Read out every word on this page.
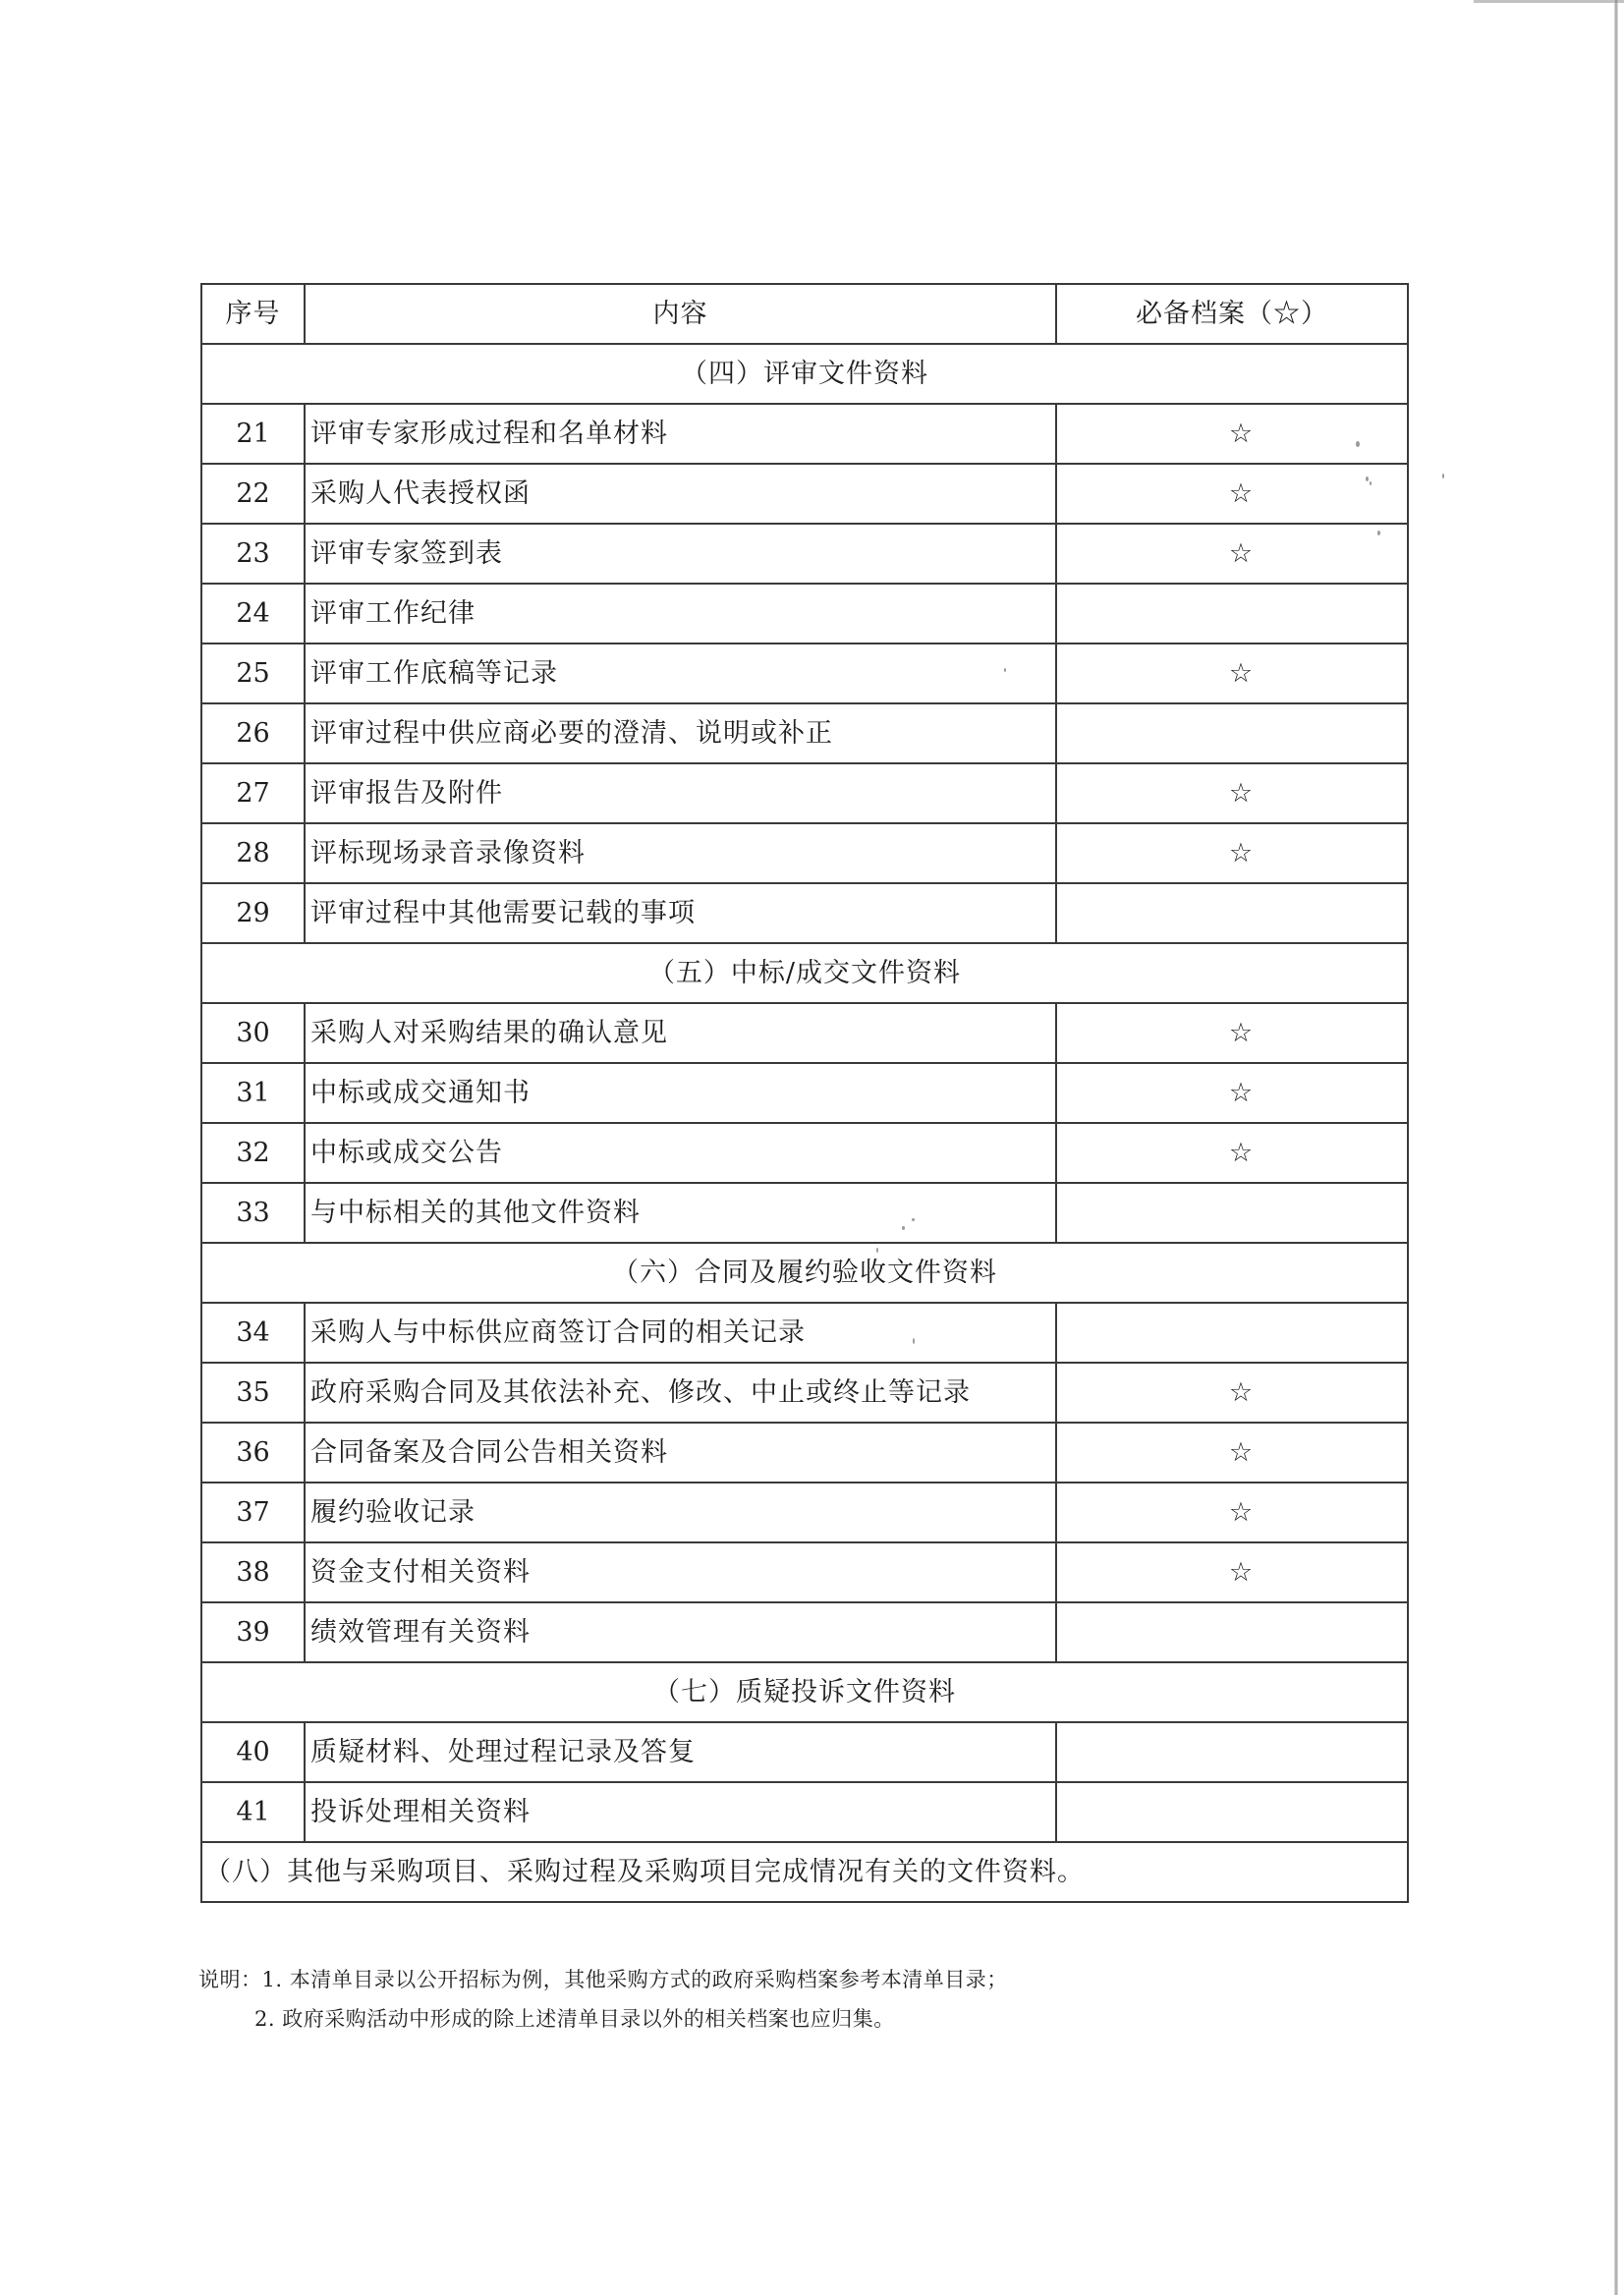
序号	内容	必备档案（☆）
（四）评审文件资料		
21	评审专家形成过程和名单材料	☆
22	采购人代表授权函	☆
23	评审专家签到表	☆
24	评审工作纪律	
25	评审工作底稿等记录	☆
26	评审过程中供应商必要的澄清、说明或补正	
27	评审报告及附件	☆
28	评标现场录音录像资料	☆
29	评审过程中其他需要记载的事项	
（五）中标/成交文件资料		
30	采购人对采购结果的确认意见	☆
31	中标或成交通知书	☆
32	中标或成交公告	☆
33	与中标相关的其他文件资料	
（六）合同及履约验收文件资料		
34	采购人与中标供应商签订合同的相关记录	
35	政府采购合同及其依法补充、修改、中止或终止等记录	☆
36	合同备案及合同公告相关资料	☆
37	履约验收记录	☆
38	资金支付相关资料	☆
39	绩效管理有关资料	
（七）质疑投诉文件资料		
40	质疑材料、处理过程记录及答复	
41	投诉处理相关资料	
（八）其他与采购项目、采购过程及采购项目完成情况有关的文件资料。		
说明：1. 本清单目录以公开招标为例，其他采购方式的政府采购档案参考本清单目录；
2. 政府采购活动中形成的除上述清单目录以外的相关档案也应归集。
